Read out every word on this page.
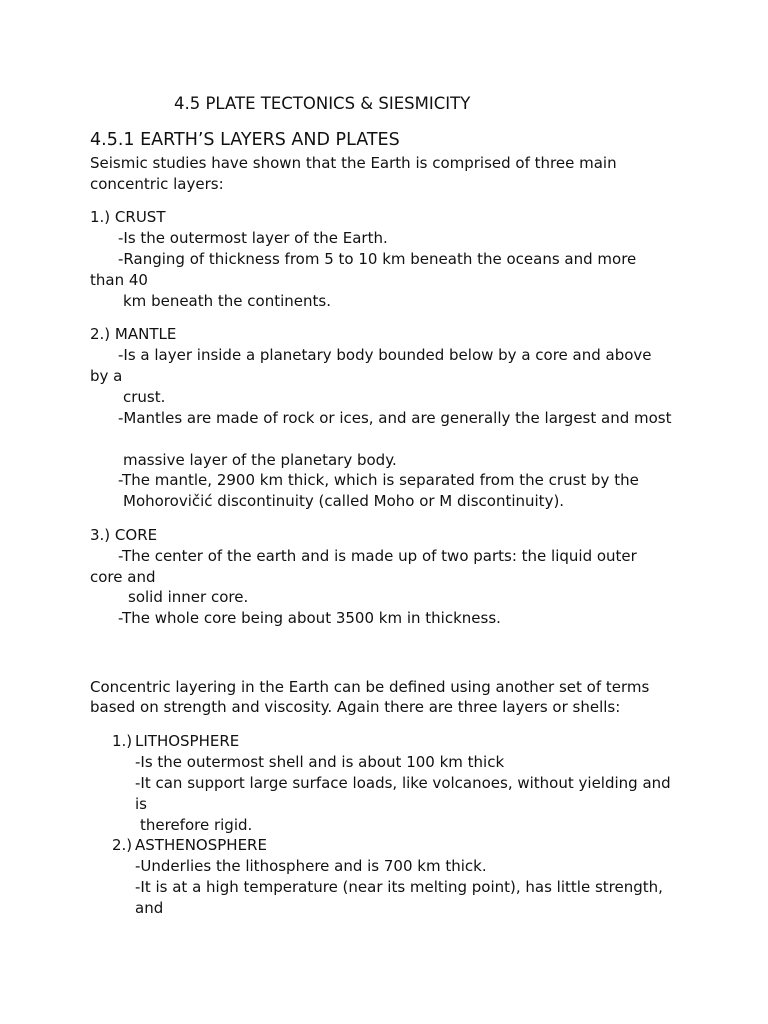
4.5 PLATE TECTONICS & SIESMICITY
4.5.1 EARTH’S LAYERS AND PLATES
Seismic studies have shown that the Earth is comprised of three main
concentric layers:
1.) CRUST
-Is the outermost layer of the Earth.
-Ranging of thickness from 5 to 10 km beneath the oceans and more
than 40
km beneath the continents.
2.) MANTLE
-Is a layer inside a planetary body bounded below by a core and above
by a
crust.
-Mantles are made of rock or ices, and are generally the largest and most
massive layer of the planetary body.
-The mantle, 2900 km thick, which is separated from the crust by the
Mohorovičić discontinuity (called Moho or M discontinuity).
3.) CORE
-The center of the earth and is made up of two parts: the liquid outer
core and
solid inner core.
-The whole core being about 3500 km in thickness.
Concentric layering in the Earth can be defined using another set of terms
based on strength and viscosity. Again there are three layers or shells:
1.) LITHOSPHERE
-Is the outermost shell and is about 100 km thick
-It can support large surface loads, like volcanoes, without yielding and
is
therefore rigid.
2.) ASTHENOSPHERE
-Underlies the lithosphere and is 700 km thick.
-It is at a high temperature (near its melting point), has little strength,
and
